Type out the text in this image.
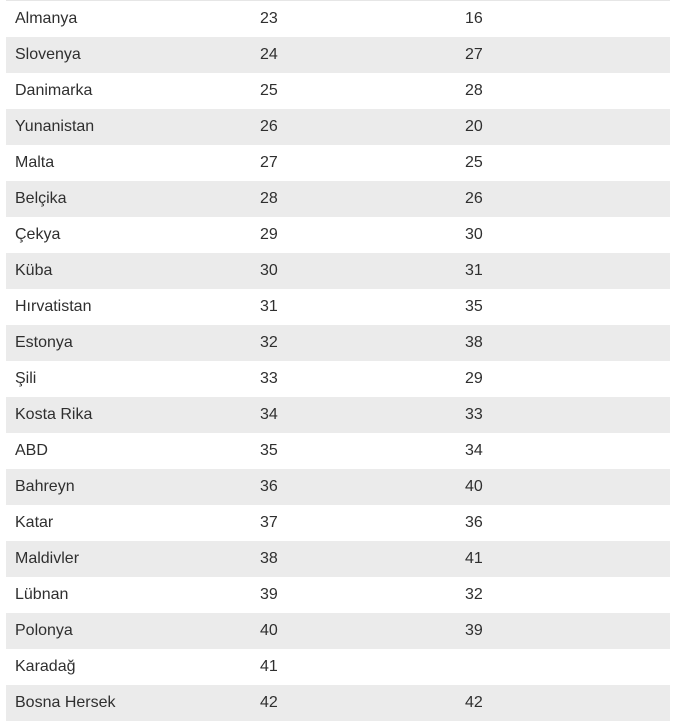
Almanya	23	16
Slovenya	24	27
Danimarka	25	28
Yunanistan	26	20
Malta	27	25
Belçika	28	26
Çekya	29	30
Küba	30	31
Hırvatistan	31	35
Estonya	32	38
Şili	33	29
Kosta Rika	34	33
ABD	35	34
Bahreyn	36	40
Katar	37	36
Maldivler	38	41
Lübnan	39	32
Polonya	40	39
Karadağ	41	
Bosna Hersek	42	42
